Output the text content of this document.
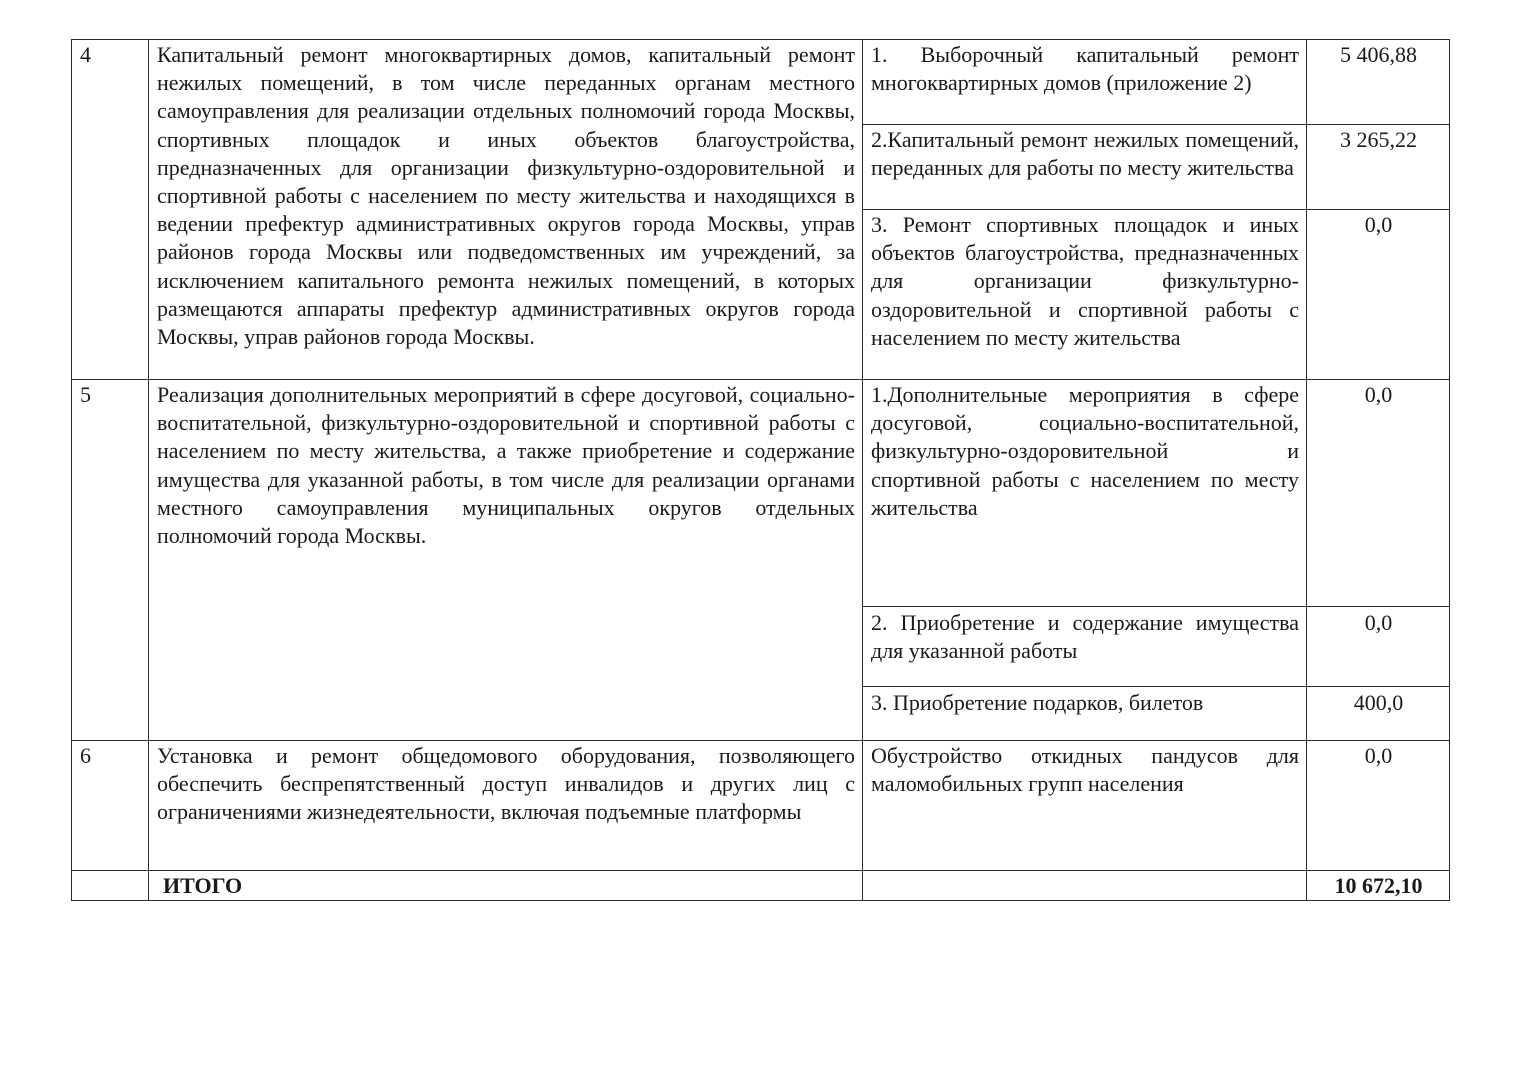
4	Капитальный ремонт многоквартирных домов, капитальный ремонт нежилых помещений, в том числе переданных органам местного самоуправления для реализации отдельных полномочий города Москвы, спортивных площадок и иных объектов благоустройства, предназначенных для организации физкультурно-оздоровительной и спортивной работы с населением по месту жительства и находящихся в ведении префектур административных округов города Москвы, управ районов города Москвы или подведомственных им учреждений, за исключением капитального ремонта нежилых помещений, в которых размещаются аппараты префектур административных округов города Москвы, управ районов города Москвы.	1. Выборочный капитальный ремонт многоквартирных домов (приложение 2)	5 406,88
		2.Капитальный ремонт нежилых помещений, переданных для работы по месту жительства	3 265,22
		3. Ремонт спортивных площадок и иных объектов благоустройства, предназначенных для организации физкультурно-оздоровительной и спортивной работы с населением по месту жительства	0,0
5	Реализация дополнительных мероприятий в сфере досуговой, социально-воспитательной, физкультурно-оздоровительной и спортивной работы с населением по месту жительства, а также приобретение и содержание имущества для указанной работы, в том числе для реализации органами местного самоуправления муниципальных округов отдельных полномочий города Москвы.	1.Дополнительные мероприятия в сфере досуговой, социально-воспитательной, физкультурно-оздоровительной и спортивной работы с населением по месту жительства	0,0
		2. Приобретение и содержание имущества для указанной работы	0,0
		3. Приобретение подарков, билетов	400,0
6	Установка и ремонт общедомового оборудования, позволяющего обеспечить беспрепятственный доступ инвалидов и других лиц с ограничениями жизнедеятельности, включая подъемные платформы	Обустройство откидных пандусов для маломобильных групп населения	0,0
	ИТОГО		10 672,10
